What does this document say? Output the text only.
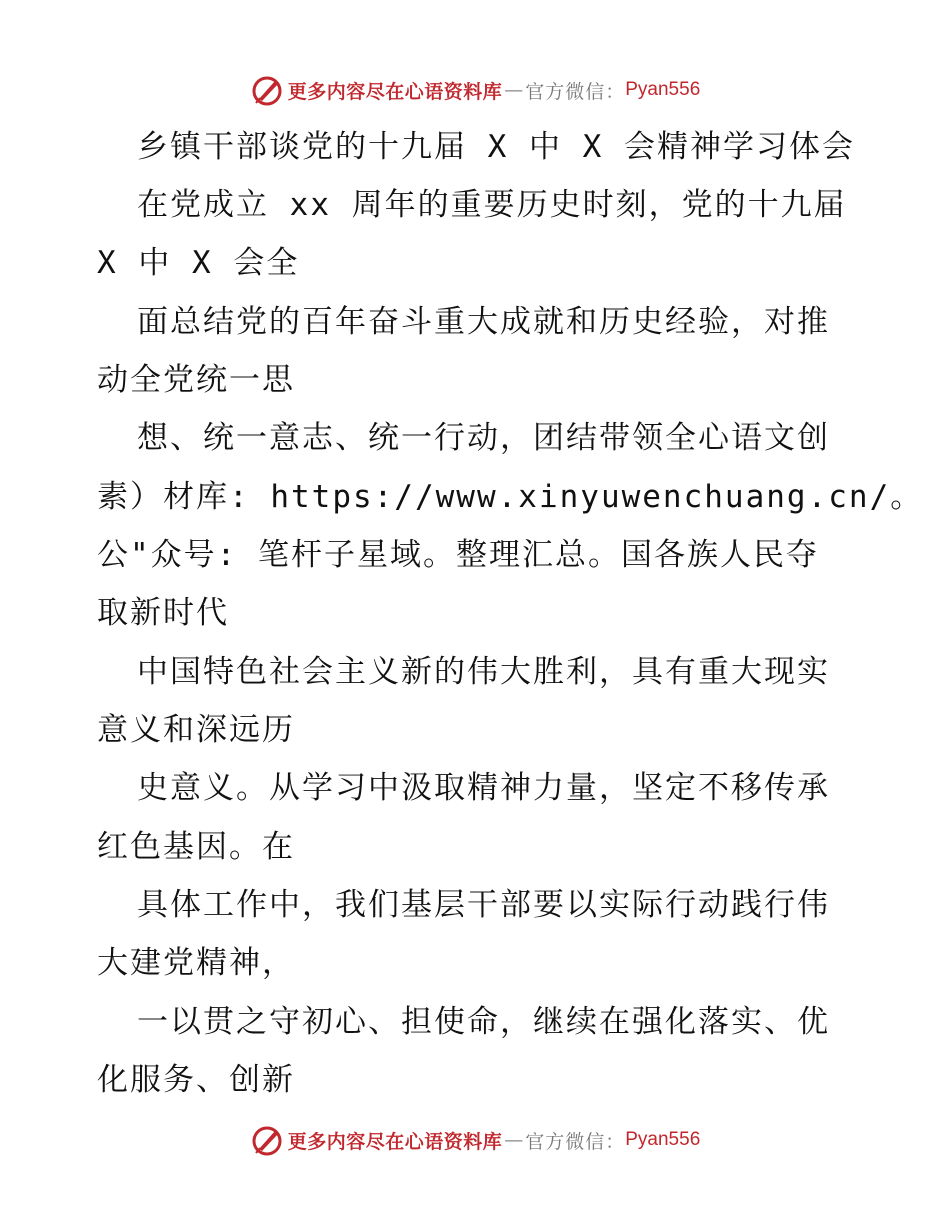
更多内容尽在心语资料库 — 官方微信： Pyan556
乡镇干部谈党的十九届 X 中 X 会精神学习体会
在党成立 xx 周年的重要历史时刻，党的十九届
X 中 X 会全
面总结党的百年奋斗重大成就和历史经验，对推
动全党统一思
想、统一意志、统一行动，团结带领全心语文创
素）材库: https://www.xinyuwenchuang.cn/。
公"众号: 笔杆子星域。整理汇总。国各族人民夺
取新时代
中国特色社会主义新的伟大胜利，具有重大现实
意义和深远历
史意义。从学习中汲取精神力量，坚定不移传承
红色基因。在
具体工作中，我们基层干部要以实际行动践行伟
大建党精神，
一以贯之守初心、担使命，继续在强化落实、优
化服务、创新
更多内容尽在心语资料库 — 官方微信： Pyan556
